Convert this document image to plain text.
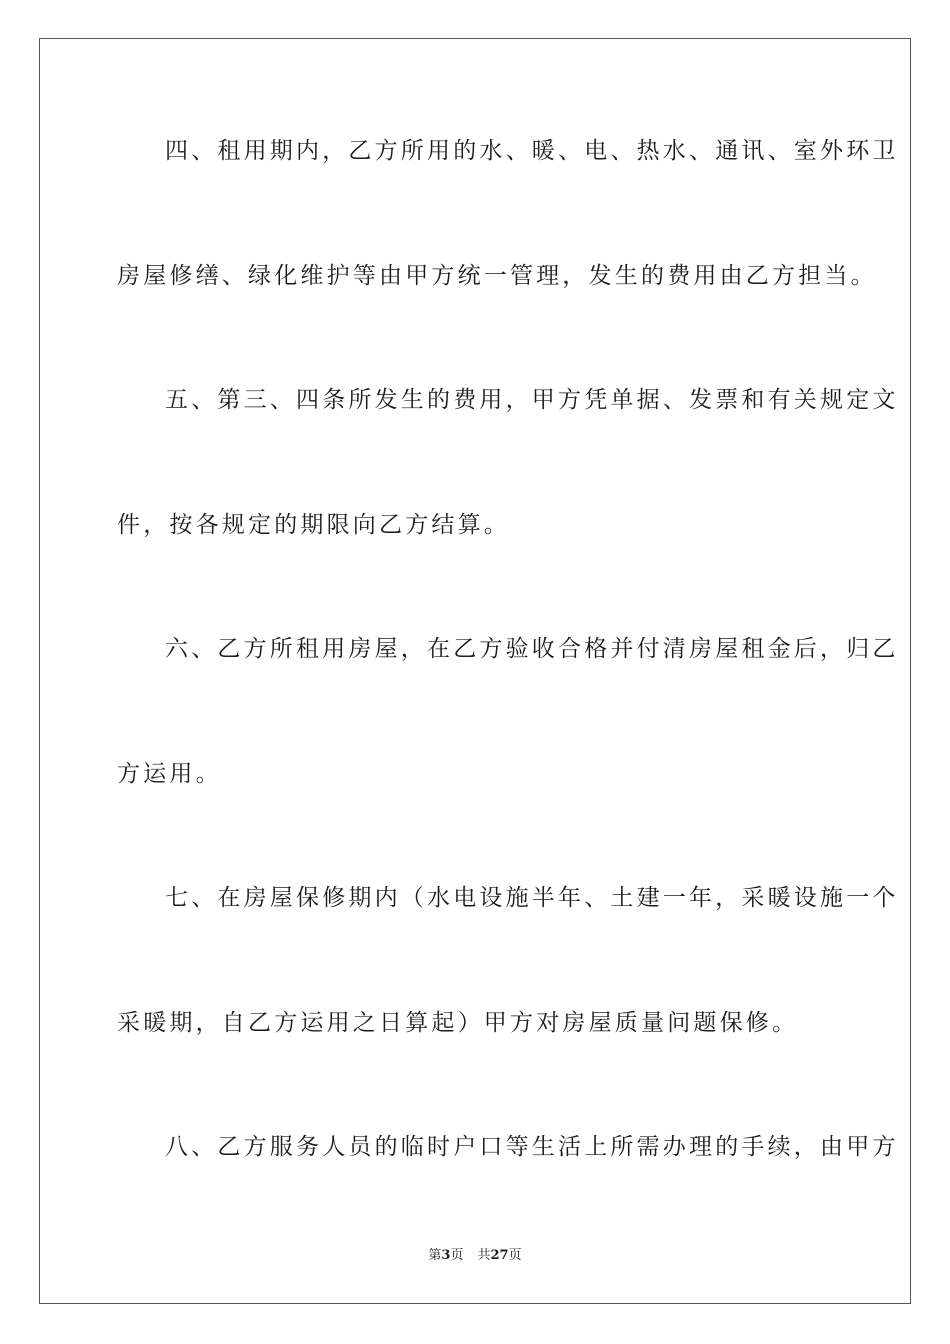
四、租用期内，乙方所用的水、暖、电、热水、通讯、室外环卫
房屋修缮、绿化维护等由甲方统一管理，发生的费用由乙方担当。
五、第三、四条所发生的费用，甲方凭单据、发票和有关规定文
件，按各规定的期限向乙方结算。
六、乙方所租用房屋，在乙方验收合格并付清房屋租金后，归乙
方运用。
七、在房屋保修期内（水电设施半年、土建一年，采暖设施一个
采暖期，自乙方运用之日算起）甲方对房屋质量问题保修。
八、乙方服务人员的临时户口等生活上所需办理的手续，由甲方
第3页 共27页
